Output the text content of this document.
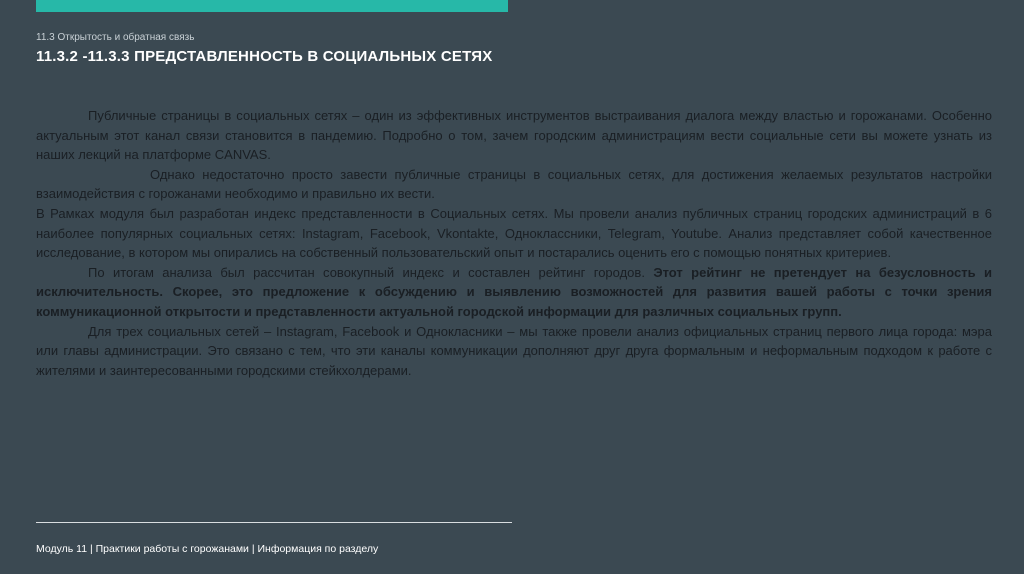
11.3 Открытость и обратная связь
11.3.2 -11.3.3 ПРЕДСТАВЛЕННОСТЬ В СОЦИАЛЬНЫХ СЕТЯХ

Публичные страницы в социальных сетях – один из эффективных инструментов выстраивания диалога между властью и горожанами. Особенно актуальным этот канал связи становится в пандемию. Подробно о том, зачем городским администрациям вести социальные сети вы можете узнать из наших лекций на платформе CANVAS.

Однако недостаточно просто завести публичные страницы в социальных сетях, для достижения желаемых результатов настройки взаимодействия с горожанами необходимо и правильно их вести.

В Рамках модуля был разработан индекс представленности в Социальных сетях. Мы провели анализ публичных страниц городских администраций в 6 наиболее популярных социальных сетях: Instagram, Facebook, Vkontakte, Одноклассники, Telegram, Youtube. Анализ представляет собой качественное исследование, в котором мы опирались на собственный пользовательский опыт и постарались оценить его с помощью понятных критериев.

По итогам анализа был рассчитан совокупный индекс и составлен рейтинг городов. Этот рейтинг не претендует на безусловность и исключительность. Скорее, это предложение к обсуждению и выявлению возможностей для развития вашей работы с точки зрения коммуникационной открытости и представленности актуальной городской информации для различных социальных групп.

Для трех социальных сетей – Instagram, Facebook и Однокласники – мы также провели анализ официальных страниц первого лица города: мэра или главы администрации. Это связано с тем, что эти каналы коммуникации дополняют друг друга формальным и неформальным подходом к работе с жителями и заинтересованными городскими стейкхолдерами.

Модуль 11 | Практики работы с горожанами | Информация по разделу
